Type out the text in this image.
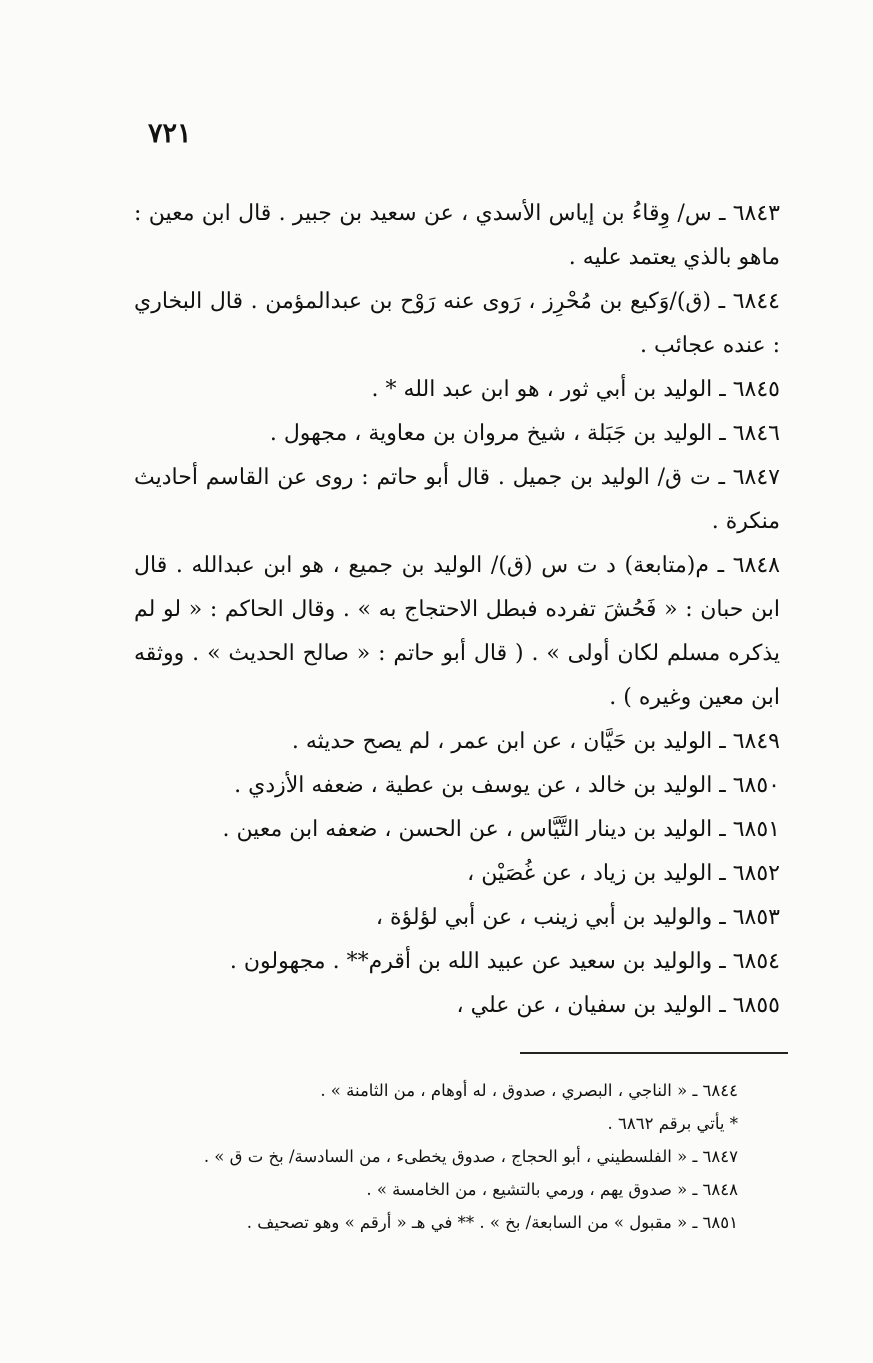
٧٢١

٦٨٤٣ ـ س/ وِقاءُ بن إياس الأسدي ، عن سعيد بن جبير . قال ابن معين : ماهو بالذي يعتمد عليه .

٦٨٤٤ ـ (ق)/وَكيع بن مُحْرِز ، رَوى عنه رَوْح بن عبدالمؤمن . قال البخاري : عنده عجائب .

٦٨٤٥ ـ الوليد بن أبي ثور ، هو ابن عبد الله * .

٦٨٤٦ ـ الوليد بن جَبَلة ، شيخ مروان بن معاوية ، مجهول .

٦٨٤٧ ـ ت ق/ الوليد بن جميل . قال أبو حاتم : روى عن القاسم أحاديث منكرة .

٦٨٤٨ ـ م(متابعة) د ت س (ق)/ الوليد بن جميع ، هو ابن عبدالله . قال ابن حبان : « فَحُشَ تفرده فبطل الاحتجاج به » . وقال الحاكم : « لو لم يذكره مسلم لكان أولى » . ( قال أبو حاتم : « صالح الحديث » . ووثقه ابن معين وغيره ) .

٦٨٤٩ ـ الوليد بن حَيَّان ، عن ابن عمر ، لم يصح حديثه .

٦٨٥٠ ـ الوليد بن خالد ، عن يوسف بن عطية ، ضعفه الأزدي .

٦٨٥١ ـ الوليد بن دينار التَّيَّاس ، عن الحسن ، ضعفه ابن معين .

٦٨٥٢ ـ الوليد بن زياد ، عن غُصَيْن ،

٦٨٥٣ ـ والوليد بن أبي زينب ، عن أبي لؤلؤة ،

٦٨٥٤ ـ والوليد بن سعيد عن عبيد الله بن أقرم** . مجهولون .

٦٨٥٥ ـ الوليد بن سفيان ، عن علي ،

٦٨٤٤ ـ « الناجي ، البصري ، صدوق ، له أوهام ، من الثامنة » .
* يأتي برقم ٦٨٦٢ .
٦٨٤٧ ـ « الفلسطيني ، أبو الحجاج ، صدوق يخطىء ، من السادسة/ بخ ت ق » .
٦٨٤٨ ـ « صدوق يهم ، ورمي بالتشيع ، من الخامسة » .
٦٨٥١ ـ « مقبول » من السابعة/ بخ » . ** في هـ « أرقم » وهو تصحيف .
